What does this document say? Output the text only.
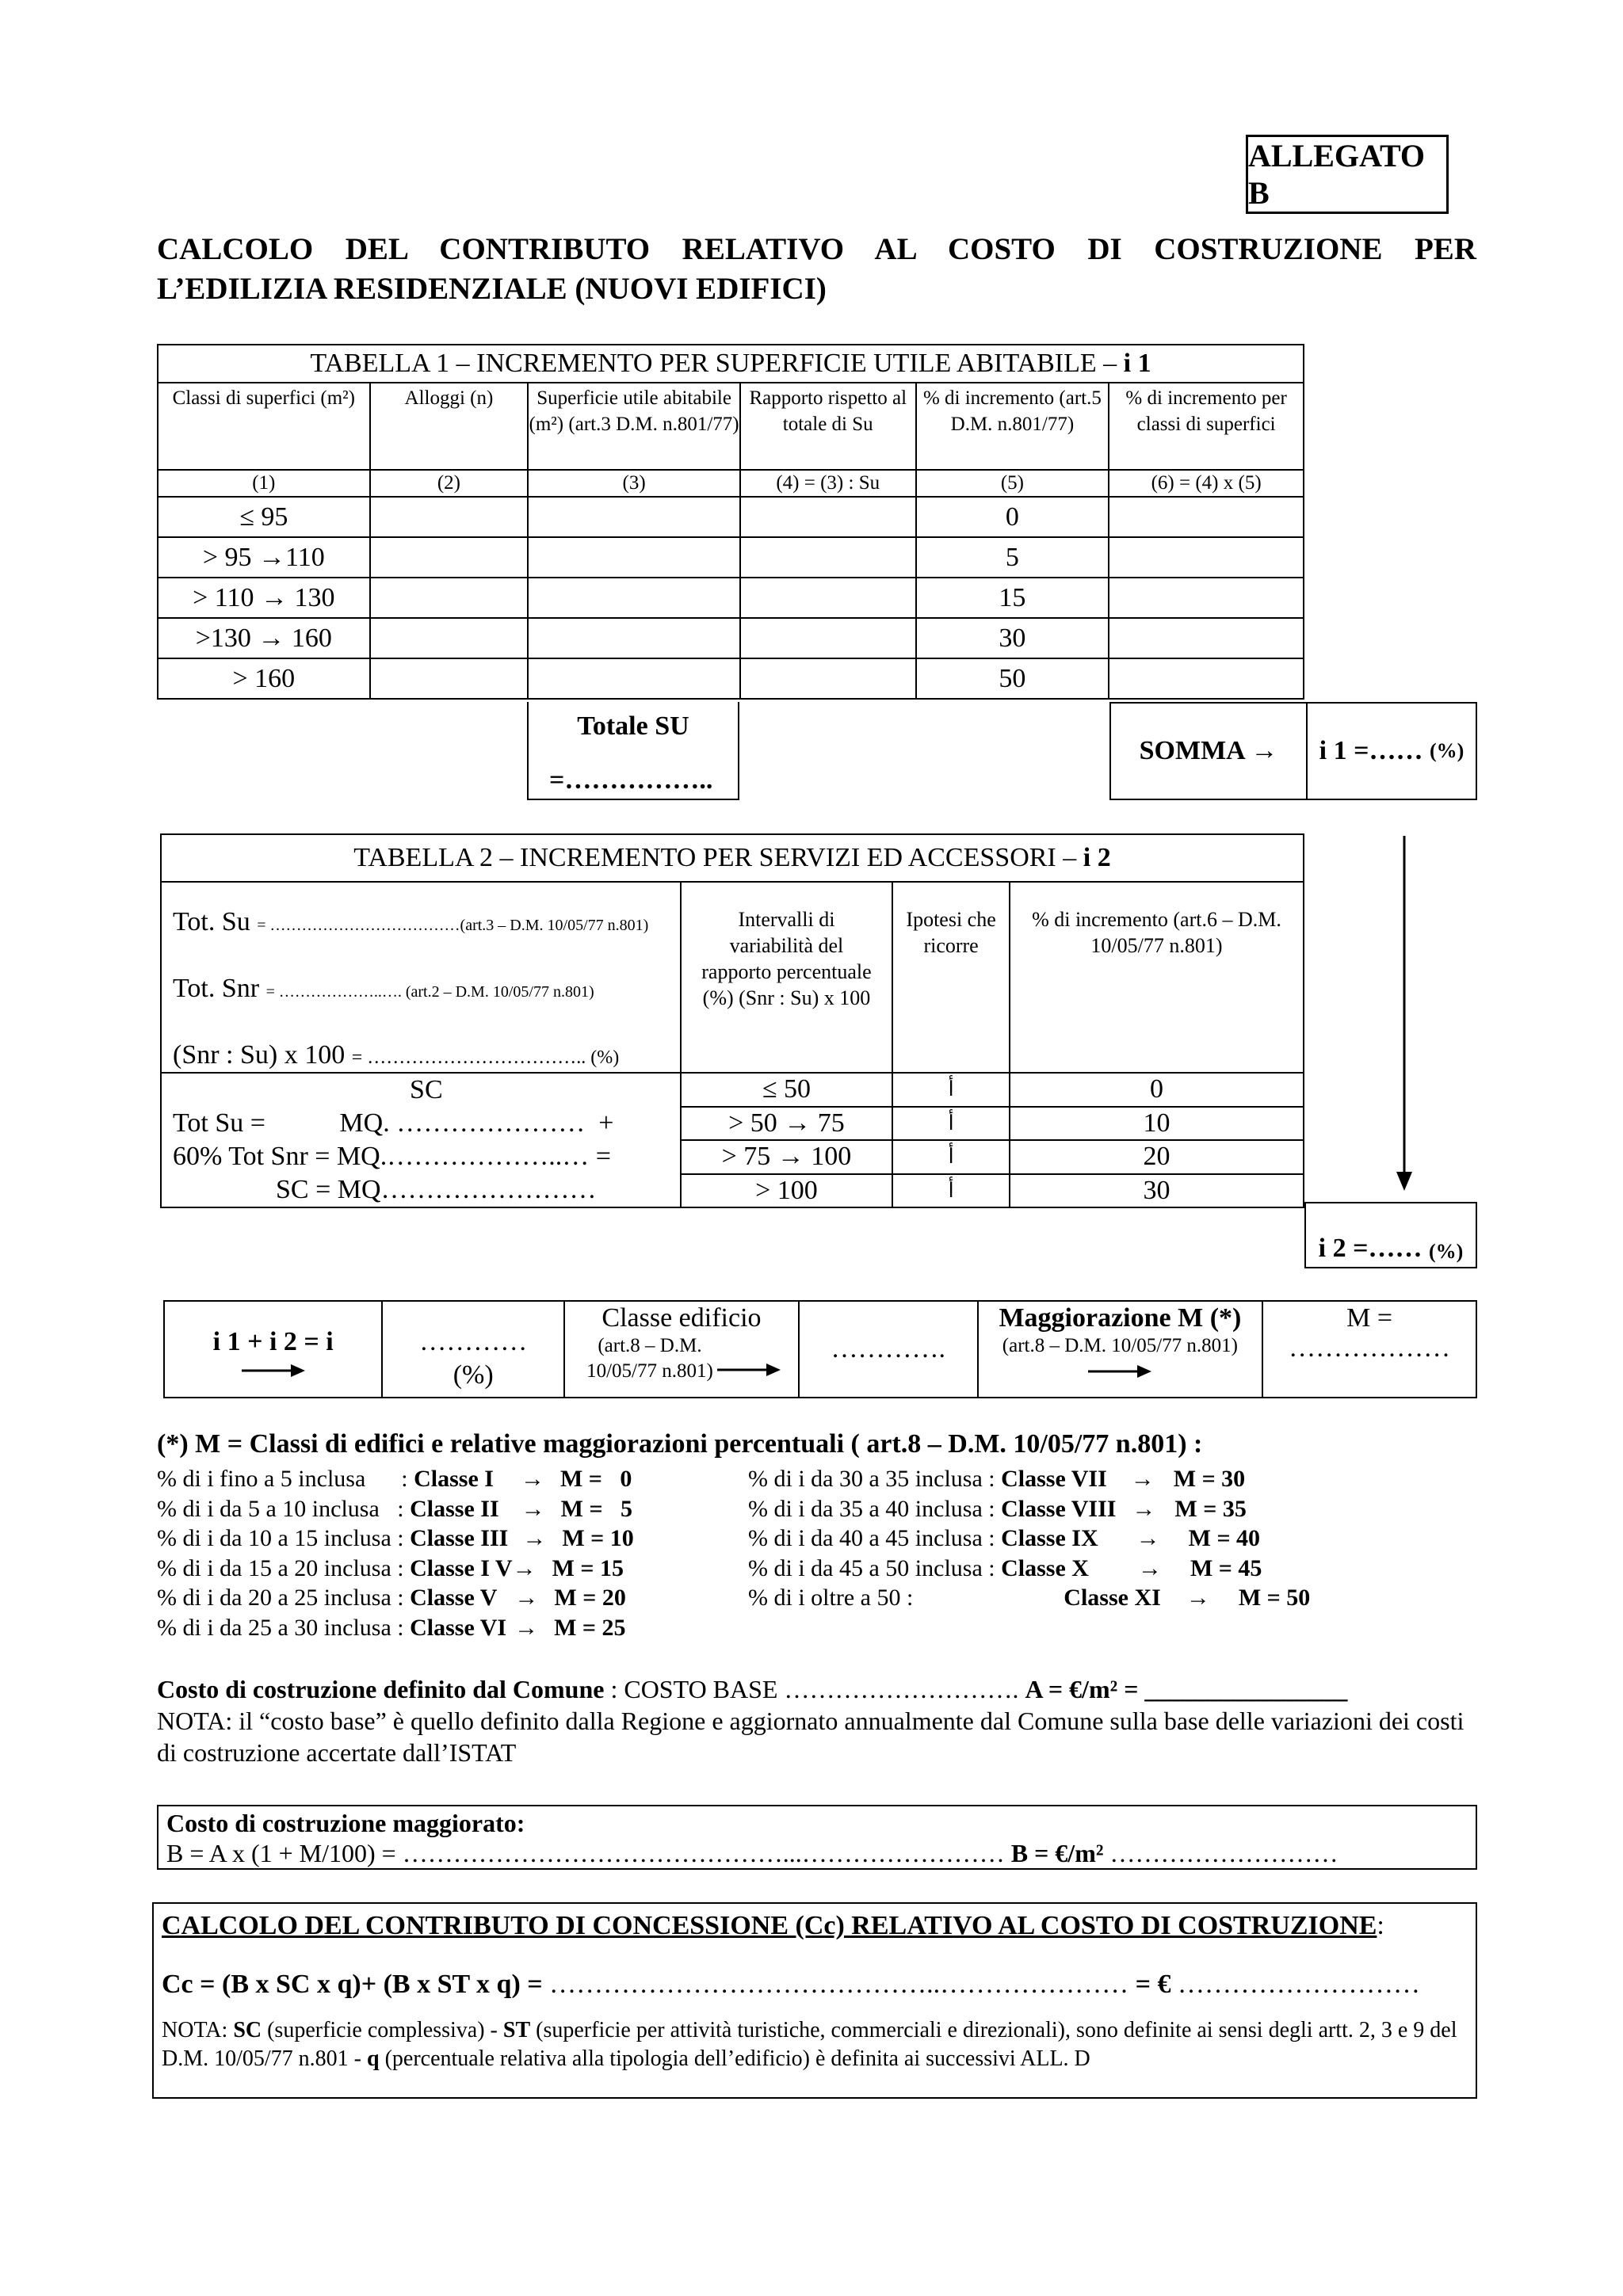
ALLEGATO B
CALCOLO DEL CONTRIBUTO RELATIVO AL COSTO DI COSTRUZIONE PER
L’EDILIZIA RESIDENZIALE (NUOVI EDIFICI)
TABELLA 1 – INCREMENTO PER SUPERFICIE UTILE ABITABILE – i 1					
Classi di superfici (m²)	Alloggi (n)	Superficie utile abitabile (m²) (art.3 D.M. n.801/77)	Rapporto rispetto al totale di Su	% di incremento (art.5 D.M. n.801/77)	% di incremento per classi di superfici
(1)	(2)	(3)	(4) = (3) : Su	(5)	(6) = (4) x (5)
≤ 95				0	
> 95 →110				5	
> 110 → 130				15	
>130 → 160				30	
> 160				50	
Totale SU
=……………..
SOMMA →	i 1 =……
(%)
TABELLA 2 – INCREMENTO PER SERVIZI ED ACCESSORI – i 2			

Tot. Su = ………………………………(art.3 – D.M. 10/05/77 n.801)
Tot. Snr = ………………..…. (art.2 – D.M. 10/05/77 n.801)
(Snr : Su) x 100 = …………………………….. (%)	Intervalli di variabilità del rapporto percentuale (%) (Snr : Su) x 100	Ipotesi che ricorre	% di incremento (art.6 – D.M. 10/05/77 n.801)

SC
Tot Su =           MQ. …………………  +
60% Tot Snr = MQ.………………..… =
SC = MQ……………………	≤ 50	أ	0
	> 50 → 75	أ	10
	> 75 → 100	أ	20
	> 100	أ	30
i 2 =……
(%)
i 1 + i 2 = i	…………
(%)

Classe edificio
(art.8 – D.M. 10/05/77 n.801)

………….

Maggiorazione M (*)
(art.8 – D.M. 10/05/77 n.801)

M =
………………
(*) M = Classi di edifici e relative maggiorazioni percentuali ( art.8 – D.M. 10/05/77 n.801) :
% di i fino a 5 inclusa      : Classe I → M =   0
% di i da 5 a 10 inclusa   : Classe II → M =   5
% di i da 10 a 15 inclusa : Classe III → M = 10
% di i da 15 a 20 inclusa : Classe I V→ M = 15
% di i da 20 a 25 inclusa : Classe V → M = 20
% di i da 25 a 30 inclusa : Classe VI → M = 25
% di i da 30 a 35 inclusa : Classe VII → M = 30
% di i da 35 a 40 inclusa : Classe VIII → M = 35
% di i da 40 a 45 inclusa : Classe IX → M = 40
% di i da 45 a 50 inclusa : Classe X → M = 45
% di i oltre a 50 :	Classe XI → M = 50
Costo di costruzione definito dal Comune : COSTO BASE ………………………. A = €/m² = ________________
NOTA: il “costo base” è quello definito dalla Regione e aggiornato annualmente dal Comune sulla base delle variazioni dei costi di costruzione accertate dall’ISTAT
Costo di costruzione maggiorato:
B = A x (1 + M/100) = ………………………………………...…………………… B = €/m² ………………………
CALCOLO DEL CONTRIBUTO DI CONCESSIONE (Cc) RELATIVO AL COSTO DI COSTRUZIONE:
Cc = (B x SC x q)+ (B x ST x q) = ……………………………………..………………… = € ………………………
NOTA: SC (superficie complessiva) - ST (superficie per attività turistiche, commerciali e direzionali), sono definite ai sensi degli artt. 2, 3 e 9 del D.M. 10/05/77 n.801 - q (percentuale relativa alla tipologia dell’edificio) è definita ai successivi ALL. D
